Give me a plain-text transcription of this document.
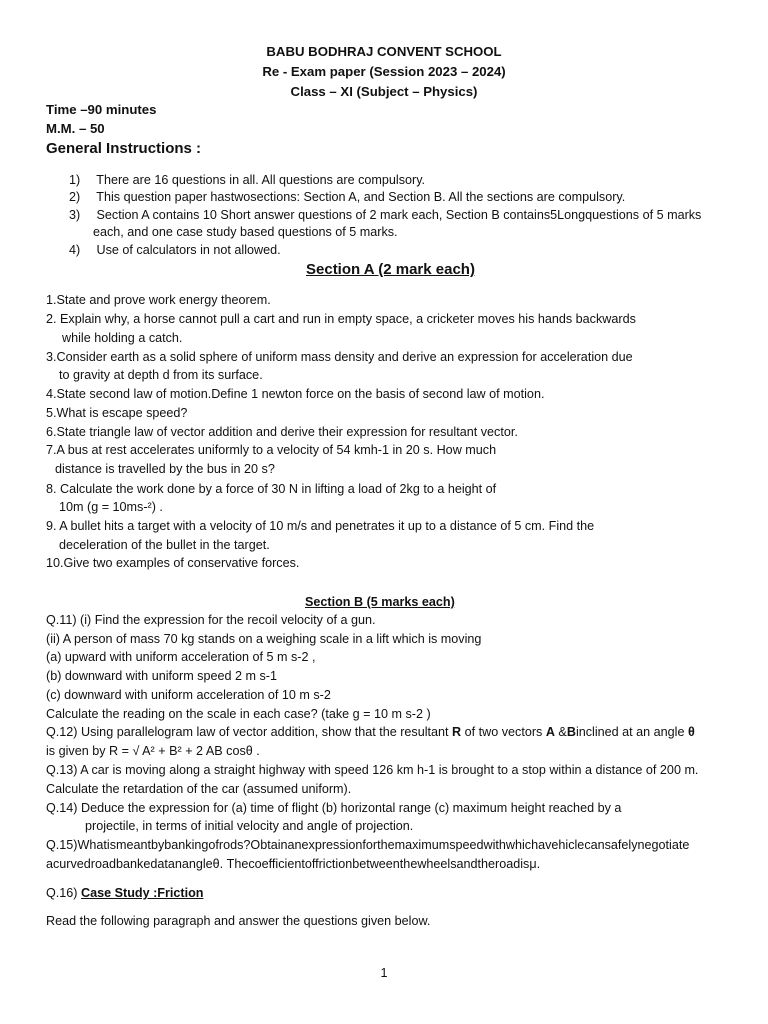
BABU BODHRAJ CONVENT SCHOOL
Re - Exam paper (Session 2023 – 2024)
Class – XI (Subject – Physics)
Time –90 minutes
M.M. – 50
General Instructions :
1) There are 16 questions in all. All questions are compulsory.
2) This question paper hastwosections: Section A, and Section B. All the sections are compulsory.
3) Section A contains 10 Short answer questions of 2 mark each, Section B contains5Longquestions of 5 marks
each, and one case study based questions of 5 marks.
4) Use of calculators in not allowed.
Section A (2 mark each)
1.State and prove work energy theorem.
2. Explain why, a horse cannot pull a cart and run in empty space, a cricketer moves his hands backwards
while holding a catch.
3.Consider earth as a solid sphere of uniform mass density and derive an expression for acceleration due
to gravity at depth d from its surface.
4.State second law of motion.Define 1 newton force on the basis of second law of motion.
5.What is escape speed?
6.State triangle law of vector addition and derive their expression for resultant vector.
7.A bus at rest accelerates uniformly to a velocity of 54 kmh-1 in 20 s. How much
distance is travelled by the bus in 20 s?
8. Calculate the work done by a force of 30 N in lifting a load of 2kg to a height of
10m (g = 10ms-²) .
9. A bullet hits a target with a velocity of 10 m/s and penetrates it up to a distance of 5 cm. Find the
deceleration of the bullet in the target.
10.Give two examples of conservative forces.
Section B (5 marks each)
Q.11) (i) Find the expression for the recoil velocity of a gun.
(ii) A person of mass 70 kg stands on a weighing scale in a lift which is moving
(a) upward with uniform acceleration of 5 m s-2 ,
(b) downward with uniform speed 2 m s-1
(c) downward with uniform acceleration of 10 m s-2
Calculate the reading on the scale in each case? (take g = 10 m s-2 )
Q.12) Using parallelogram law of vector addition, show that the resultant R of two vectors A &Binclined at an angle θ
is given by R = √ A² + B² + 2 AB cosθ .
Q.13) A car is moving along a straight highway with speed 126 km h-1 is brought to a stop within a distance of 200 m.
Calculate the retardation of the car (assumed uniform).
Q.14) Deduce the expression for (a) time of flight (b) horizontal range (c) maximum height reached by a
projectile, in terms of initial velocity and angle of projection.
Q.15)Whatismeantbybankingofrods?Obtainanexpressionforthemaximumspeedwithwhichavehiclecansafelynegotiate
acurvedroadbankedatanangleθ. Thecoefficientoffrictionbetweenthewheelsandtheroadisμ.
Q.16) Case Study :Friction
Read the following paragraph and answer the questions given below.
1
